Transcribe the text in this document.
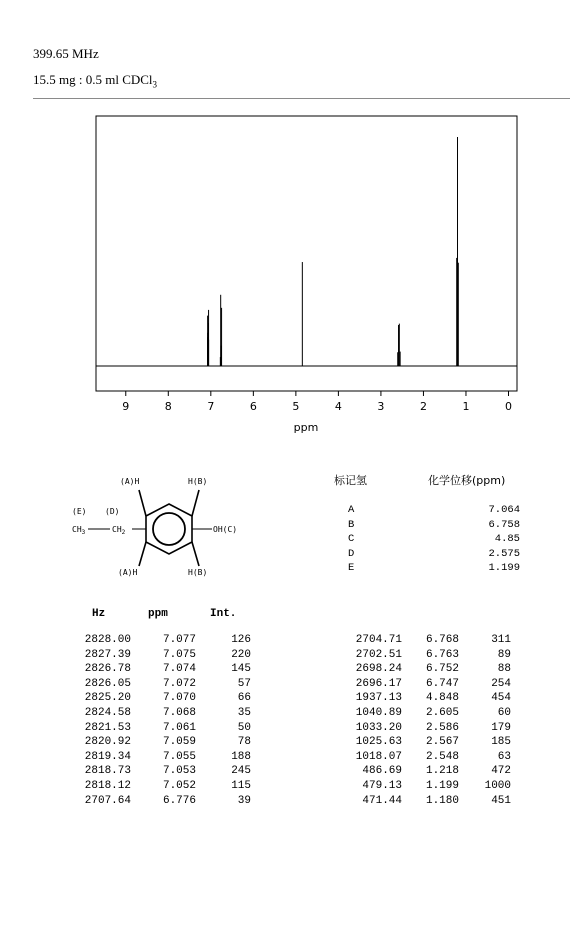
399.65 MHz
15.5 mg : 0.5 ml CDCl$_3$
9	8	7	6	5	4	3	2	1	0
ppm
(A)H	H(B)
(E) (D)
$CH_3$	$CH_2$	OH(C)
(A)H	H(B)
标记氢	化学位移(ppm)
A	7.064
B	6.758
C	4.85
D	2.575
E	1.199
Hz	ppm	Int.
2828.00	7.077	126
2827.39	7.075	220
2826.78	7.074	145
2826.05	7.072	57
2825.20	7.070	66
2824.58	7.068	35
2821.53	7.061	50
2820.92	7.059	78
2819.34	7.055	188
2818.73	7.053	245
2818.12	7.052	115
2707.64	6.776	39
2704.71 6.768	311
2702.51 6.763	89
2698.24 6.752	88
2696.17 6.747	254
1937.13 4.848	454
1040.89 2.605	60
1033.20 2.586	179
1025.63 2.567	185
1018.07 2.548	63
486.69 1.218	472
479.13 1.199 1000
471.44 1.180	451
